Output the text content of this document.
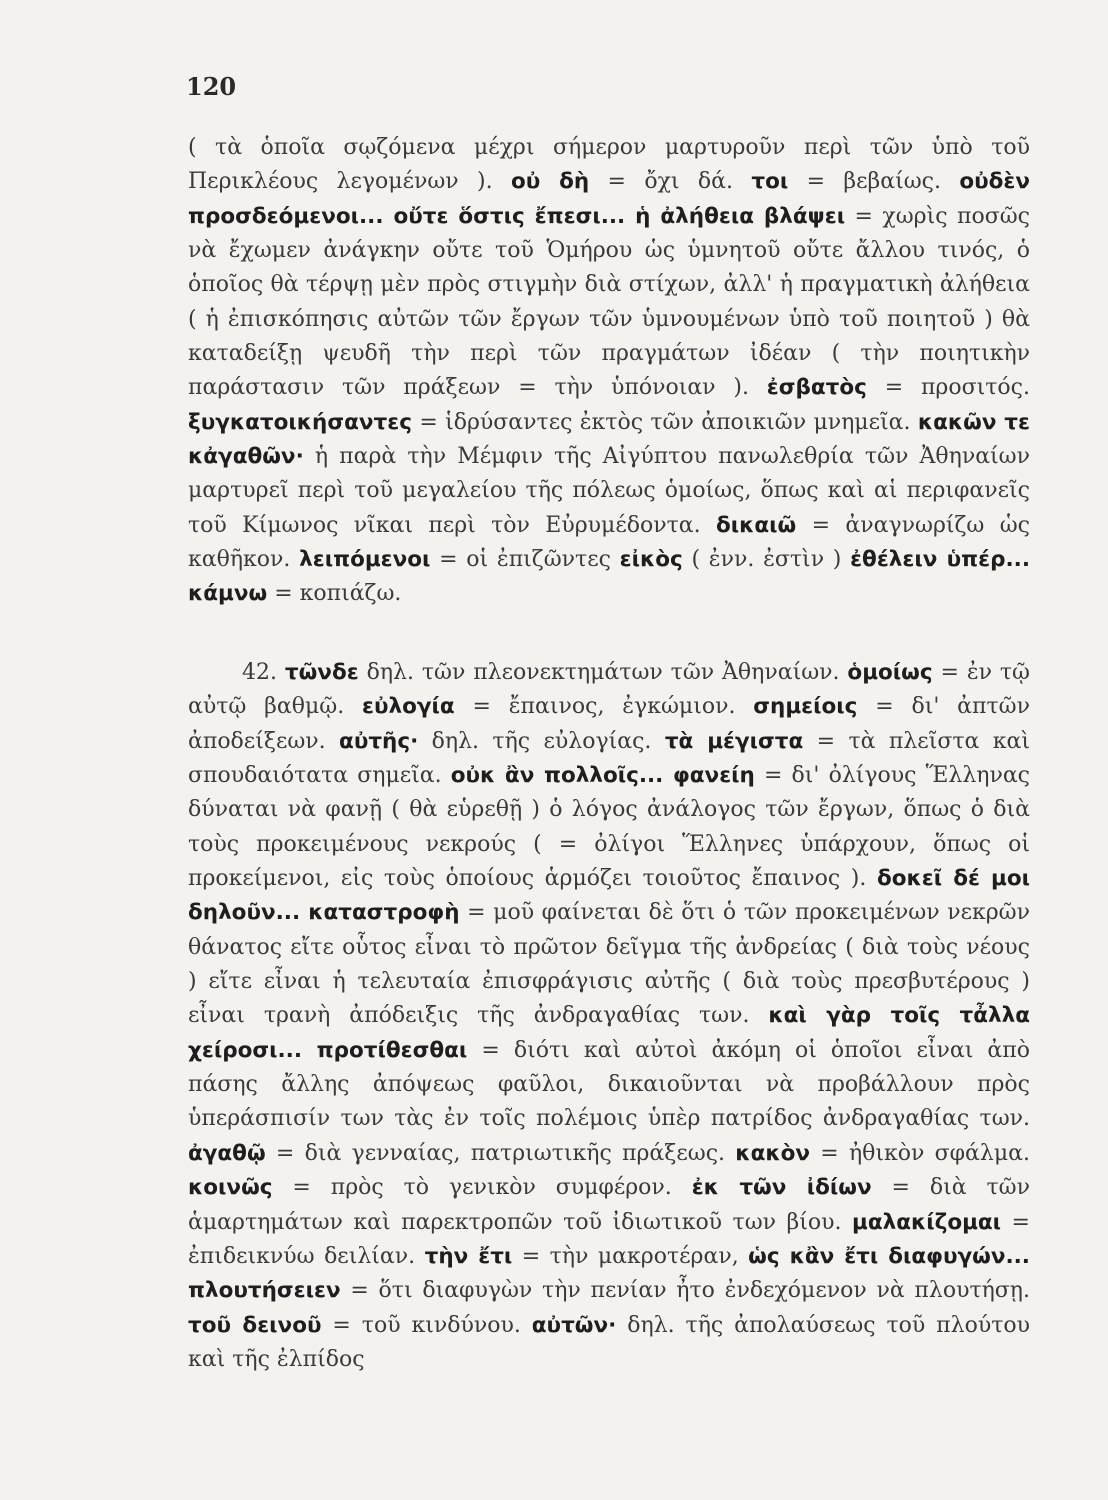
120
( τὰ ὁποῖα σῳζόμενα μέχρι σήμερον μαρτυροῦν περὶ τῶν ὑπὸ τοῦ Περικλέους λεγομένων ). οὐ δὴ = ὄχι δά. τοι = βεβαίως. οὐδὲν προσδεόμενοι... οὔτε ὅστις ἔπεσι... ἡ ἀλήθεια βλάψει = χωρὶς ποσῶς νὰ ἔχωμεν ἀνάγκην οὔτε τοῦ Ὁμήρου ὡς ὑμνητοῦ οὔτε ἄλλου τινός, ὁ ὁποῖος θὰ τέρψῃ μὲν πρὸς στιγμὴν διὰ στίχων, ἀλλ' ἡ πραγματικὴ ἀλήθεια ( ἡ ἐπισκόπησις αὐτῶν τῶν ἔργων τῶν ὑμνουμένων ὑπὸ τοῦ ποιητοῦ ) θὰ καταδείξῃ ψευδῆ τὴν περὶ τῶν πραγμάτων ἰδέαν ( τὴν ποιητικὴν παράστασιν τῶν πράξεων = τὴν ὑπόνοιαν ). ἐσβατὸς = προσιτός. ξυγκατοικήσαντες = ἱδρύσαντες ἐκτὸς τῶν ἀποικιῶν μνημεῖα. κακῶν τε κἀγαθῶν· ἡ παρὰ τὴν Μέμφιν τῆς Αἰγύπτου πανωλεθρία τῶν Ἀθηναίων μαρτυρεῖ περὶ τοῦ μεγαλείου τῆς πόλεως ὁμοίως, ὅπως καὶ αἱ περιφανεῖς τοῦ Κίμωνος νῖκαι περὶ τὸν Εὐρυμέδοντα. δικαιῶ = ἀναγνωρίζω ὡς καθῆκον. λειπόμενοι = οἱ ἐπιζῶντες εἰκὸς ( ἐνν. ἐστὶν ) ἐθέλειν ὑπέρ... κάμνω = κοπιάζω.
42. τῶνδε δηλ. τῶν πλεονεκτημάτων τῶν Ἀθηναίων. ὁμοίως = ἐν τῷ αὐτῷ βαθμῷ. εὐλογία = ἔπαινος, ἐγκώμιον. σημείοις = δι' ἀπτῶν ἀποδείξεων. αὐτῆς· δηλ. τῆς εὐλογίας. τὰ μέγιστα = τὰ πλεῖστα καὶ σπουδαιότατα σημεῖα. οὐκ ἂν πολλοῖς... φανείη = δι' ὀλίγους Ἕλληνας δύναται νὰ φανῇ ( θὰ εὑρεθῇ ) ὁ λόγος ἀνάλογος τῶν ἔργων, ὅπως ὁ διὰ τοὺς προκειμένους νεκρούς ( = ὀλίγοι Ἕλληνες ὑπάρχουν, ὅπως οἱ προκείμενοι, εἰς τοὺς ὁποίους ἁρμόζει τοιοῦτος ἔπαινος ). δοκεῖ δέ μοι δηλοῦν... καταστροφὴ = μοῦ φαίνεται δὲ ὅτι ὁ τῶν προκειμένων νεκρῶν θάνατος εἴτε οὗτος εἶναι τὸ πρῶτον δεῖγμα τῆς ἀνδρείας ( διὰ τοὺς νέους ) εἴτε εἶναι ἡ τελευταία ἐπισφράγισις αὐτῆς ( διὰ τοὺς πρεσβυτέρους ) εἶναι τρανὴ ἀπόδειξις τῆς ἀνδραγαθίας των. καὶ γὰρ τοῖς τἆλλα χείροσι... προτίθεσθαι = διότι καὶ αὐτοὶ ἀκόμη οἱ ὁποῖοι εἶναι ἀπὸ πάσης ἄλλης ἀπόψεως φαῦλοι, δικαιοῦνται νὰ προβάλλουν πρὸς ὑπεράσπισίν των τὰς ἐν τοῖς πολέμοις ὑπὲρ πατρίδος ἀνδραγαθίας των. ἀγαθῷ = διὰ γενναίας, πατριωτικῆς πράξεως. κακὸν = ἠθικὸν σφάλμα. κοινῶς = πρὸς τὸ γενικὸν συμφέρον. ἐκ τῶν ἰδίων = διὰ τῶν ἁμαρτημάτων καὶ παρεκτροπῶν τοῦ ἰδιωτικοῦ των βίου. μαλακίζομαι = ἐπιδεικνύω δειλίαν. τὴν ἔτι = τὴν μακροτέραν, ὡς κἂν ἔτι διαφυγών... πλουτήσειεν = ὅτι διαφυγὼν τὴν πενίαν ἦτο ἐνδεχόμενον νὰ πλουτήσῃ. τοῦ δεινοῦ = τοῦ κινδύνου. αὐτῶν· δηλ. τῆς ἀπολαύσεως τοῦ πλούτου καὶ τῆς ἐλπίδος
